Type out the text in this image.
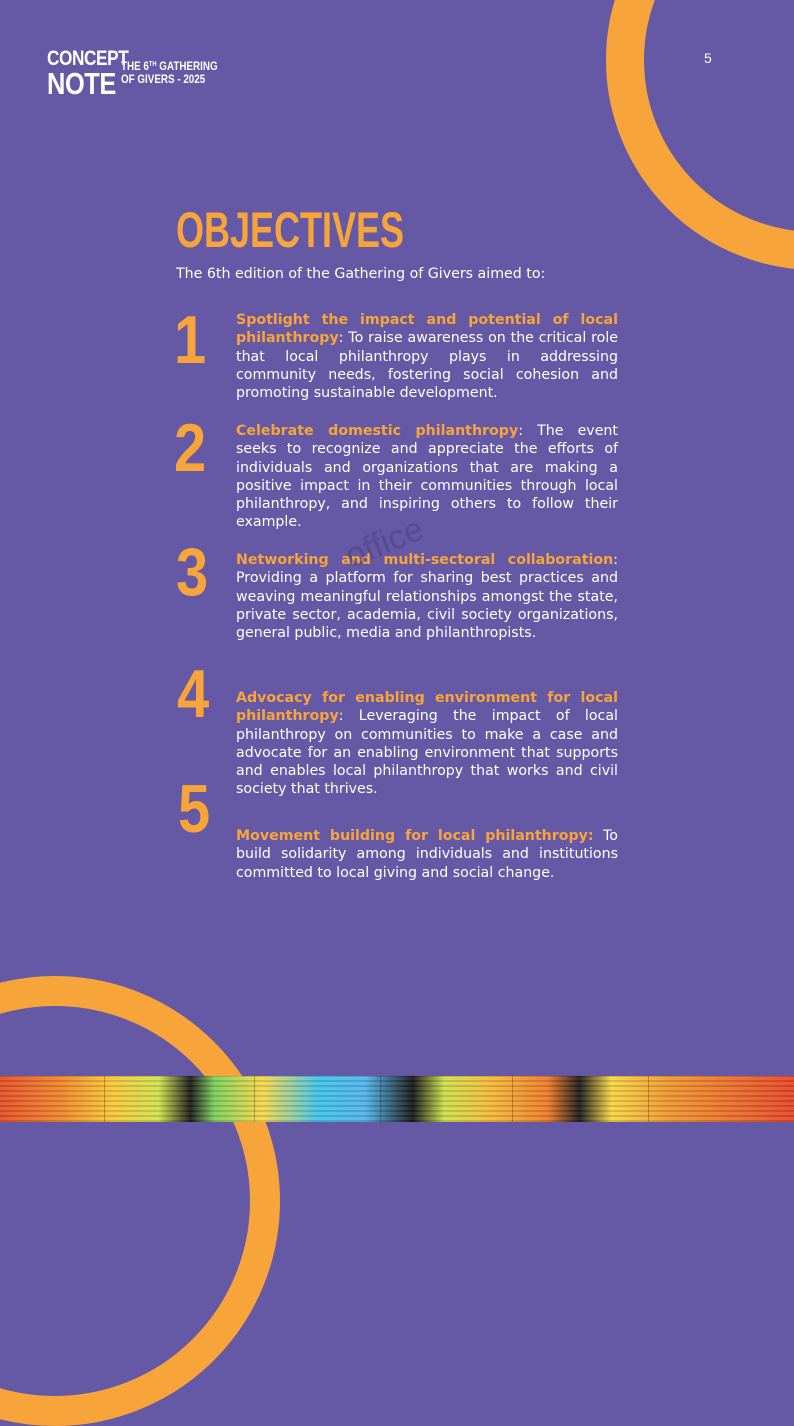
CONCEPT
NOTE THE 6TH GATHERING
OF GIVERS - 2025
5
OBJECTIVES
The 6th edition of the Gathering of Givers aimed to:
1
2
3
4
5
Spotlight the impact and potential of local philanthropy: To raise awareness on the critical role that local philanthropy plays in addressing community needs, fostering social cohesion and promoting sustainable development.
Celebrate domestic philanthropy: The event seeks to recognize and appreciate the efforts of individuals and organizations that are making a positive impact in their communities through local philanthropy, and inspiring others to follow their example.
Networking and multi-sectoral collaboration: Providing a platform for sharing best practices and weaving meaningful relationships amongst the state, private sector, academia, civil society organizations, general public, media and philanthropists.
Advocacy for enabling environment for local philanthropy: Leveraging the impact of local philanthropy on communities to make a case and advocate for an enabling environment that supports and enables local philanthropy that works and civil society that thrives.
Movement building for local philanthropy: To build solidarity among individuals and institutions committed to local giving and social change.
office
